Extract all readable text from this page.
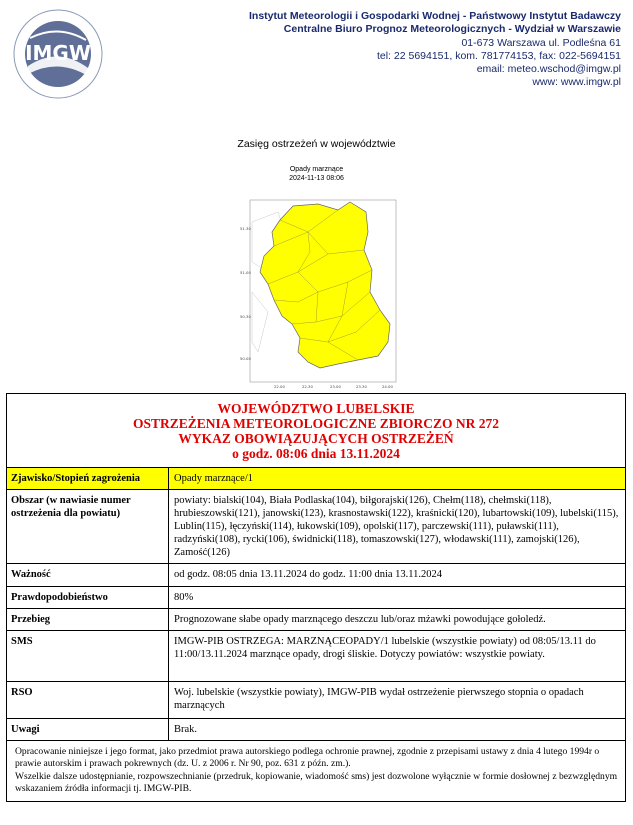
IMGW
Instytut Meteorologii i Gospodarki Wodnej - Państwowy Instytut Badawczy
Centralne Biuro Prognoz Meteorologicznych - Wydział w Warszawie
01-673 Warszawa ul. Podleśna 61
tel: 22 5694151, kom. 781774153, fax: 022-5694151
email: meteo.wschod@imgw.pl
www: www.imgw.pl
Zasięg ostrzeżeń w województwie
Opady marznące
2024-11-13 08:06
51.30
51.00
50.30
50.00
22.00	22.30	23.00	23.30	24.00
WOJEWÓDZTWO LUBELSKIE
OSTRZEŻENIA METEOROLOGICZNE ZBIORCZO NR 272
WYKAZ OBOWIĄZUJĄCYCH OSTRZEŻEŃ
o godz. 08:06 dnia 13.11.2024
Zjawisko/Stopień zagrożenia	Opady marznące/1
Obszar (w nawiasie numer ostrzeżenia dla powiatu)
powiaty: bialski(104), Biała Podlaska(104), biłgorajski(126), Chełm(118), chełmski(118), hrubieszowski(121), janowski(123), krasnostawski(122), kraśnicki(120), lubartowski(109), lubelski(115), Lublin(115), łęczyński(114), łukowski(109), opolski(117), parczewski(111), puławski(111), radzyński(108), rycki(106), świdnicki(118), tomaszowski(127), włodawski(111), zamojski(126), Zamość(126)
Ważność	od godz. 08:05 dnia 13.11.2024 do godz. 11:00 dnia 13.11.2024
Prawdopodobieństwo	80%
Przebieg	Prognozowane słabe opady marznącego deszczu lub/oraz mżawki powodujące gołoledź.
SMS	IMGW-PIB OSTRZEGA: MARZNĄCEOPADY/1 lubelskie (wszystkie powiaty) od 08:05/13.11 do 11:00/13.11.2024 marznące opady, drogi śliskie. Dotyczy powiatów: wszystkie powiaty.
RSO	Woj. lubelskie (wszystkie powiaty), IMGW-PIB wydał ostrzeżenie pierwszego stopnia o opadach marznących
Uwagi	Brak.

Opracowanie niniejsze i jego format, jako przedmiot prawa autorskiego podlega ochronie prawnej, zgodnie z przepisami ustawy z dnia 4 lutego 1994r o prawie autorskim i prawach pokrewnych (dz. U. z 2006 r. Nr 90, poz. 631 z późn. zm.).

Wszelkie dalsze udostępnianie, rozpowszechnianie (przedruk, kopiowanie, wiadomość sms) jest dozwolone wyłącznie w formie dosłownej z bezwzględnym wskazaniem źródła informacji tj. IMGW-PIB.
